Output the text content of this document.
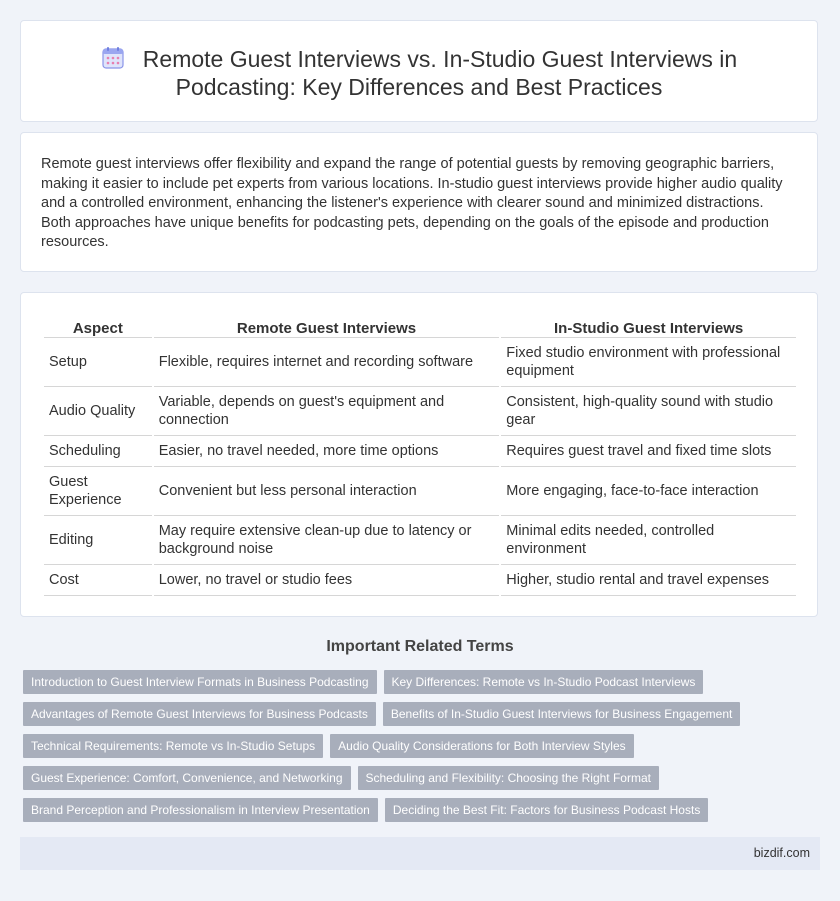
Remote Guest Interviews vs. In-Studio Guest Interviews in Podcasting: Key Differences and Best Practices

Remote guest interviews offer flexibility and expand the range of potential guests by removing geographic barriers, making it easier to include pet experts from various locations. In-studio guest interviews provide higher audio quality and a controlled environment, enhancing the listener's experience with clearer sound and minimized distractions. Both approaches have unique benefits for podcasting pets, depending on the goals of the episode and production resources.

Aspect	Remote Guest Interviews	In-Studio Guest Interviews
Setup	Flexible, requires internet and recording software	Fixed studio environment with professional equipment
Audio Quality	Variable, depends on guest's equipment and connection	Consistent, high-quality sound with studio gear
Scheduling	Easier, no travel needed, more time options	Requires guest travel and fixed time slots
Guest Experience	Convenient but less personal interaction	More engaging, face-to-face interaction
Editing	May require extensive clean-up due to latency or background noise	Minimal edits needed, controlled environment
Cost	Lower, no travel or studio fees	Higher, studio rental and travel expenses
Important Related Terms
Introduction to Guest Interview Formats in Business Podcasting	Key Differences: Remote vs In-Studio Podcast Interviews
Advantages of Remote Guest Interviews for Business Podcasts	Benefits of In-Studio Guest Interviews for Business Engagement
Technical Requirements: Remote vs In-Studio Setups	Audio Quality Considerations for Both Interview Styles
Guest Experience: Comfort, Convenience, and Networking	Scheduling and Flexibility: Choosing the Right Format
Brand Perception and Professionalism in Interview Presentation	Deciding the Best Fit: Factors for Business Podcast Hosts
bizdif.com
